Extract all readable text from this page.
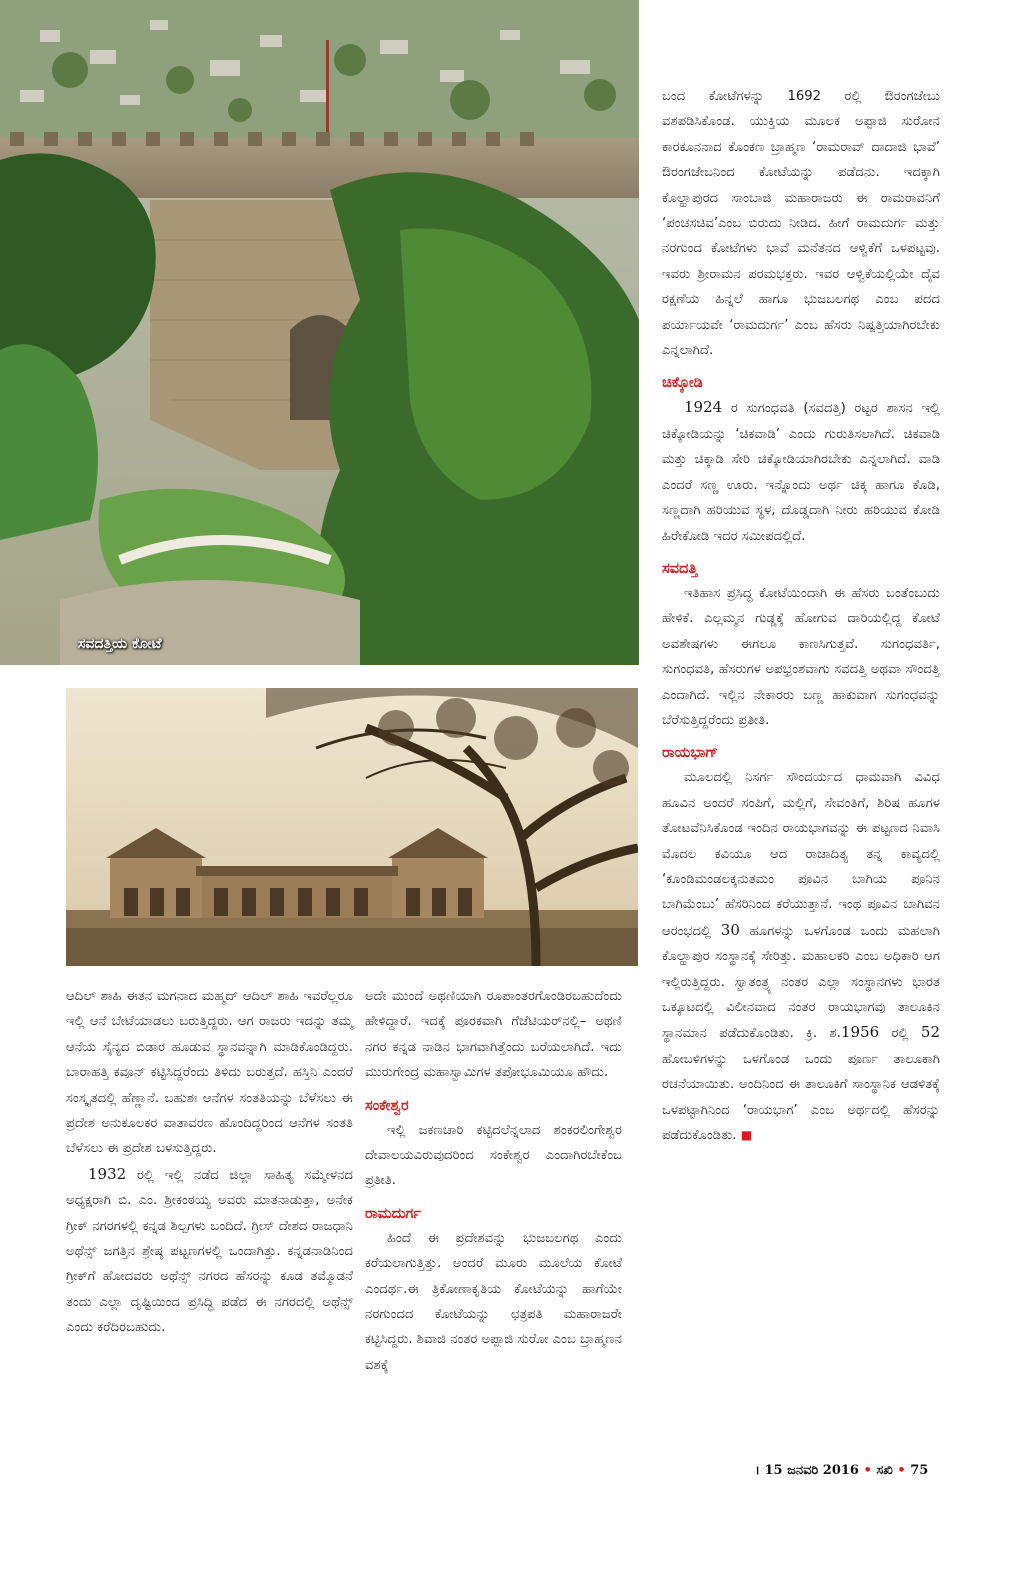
ಸವದತ್ತಿಯ ಕೋಟೆ

ಬಂದ ಕೋಟೆಗಳನ್ನು 1692 ರಲ್ಲಿ ಔರಂಗಜೇಬು ವಶಪಡಿಸಿಕೊಂಡ. ಯುಕ್ತಿಯ ಮೂಲಕ ಅಪ್ಪಾಜಿ ಸುರೋನ ಕಾರಕೂನನಾದ ಕೊಂಕಣ ಬ್ರಾಹ್ಮಣ ‘ರಾಮರಾವ್ ದಾದಾಜಿ ಭಾವೆ’ ಔರಂಗಜೇಬನಿಂದ ಕೋಟೆಯನ್ನು ಪಡೆದನು. ಇದಕ್ಕಾಗಿ ಕೊಲ್ಹಾಪುರದ ಸಾಂಬಾಜಿ ಮಹಾರಾಜರು ಈ ರಾಮರಾವನಿಗೆ ‘ಪಂಚಸಚಿವ’ಎಂಬ ಬಿರುದು ನೀಡಿದ. ಹೀಗೆ ರಾಮದುರ್ಗ ಮತ್ತು ನರಗುಂದ ಕೋಟೆಗಳು ಭಾವೆ ಮನೆತನದ ಆಳ್ವಿಕೆಗೆ ಒಳಪಟ್ಟವು. ಇವರು ಶ್ರೀರಾಮನ ಪರಮಭಕ್ತರು. ಇವರ ಆಳ್ವಿಕೆಯಲ್ಲಿಯೇ ದೈವ ರಕ್ಷಣೆಯ ಹಿನ್ನಲೆ ಹಾಗೂ ಭುಜಬಲಗಥ ಎಂಬ ಪದದ ಪರ್ಯಾಯವೇ ‘ರಾಮದುರ್ಗ’ ಎಂಬ ಹೆಸರು ನಿಷ್ಪತ್ತಿಯಾಗಿರಬೇಕು ಎನ್ನಲಾಗಿದೆ.

ಚಿಕ್ಕೋಡಿ

1924 ರ ಸುಗಂಧವತಿ (ಸವದತ್ತಿ) ರಟ್ಟರ ಶಾಸನ ಇಲ್ಲಿ ಚಿಕ್ಕೋಡಿಯನ್ನು ‘ಚಿಕವಾಡಿ’ ಎಂದು ಗುರುತಿಸಲಾಗಿದೆ. ಚಿಕವಾಡಿ ಮತ್ತು ಚಿಕ್ಕಾಡಿ ಸೇರಿ ಚಿಕ್ಕೋಡಿಯಾಗಿರಬೇಕು ಎನ್ನಲಾಗಿದೆ. ವಾಡಿ ಎಂದರೆ ಸಣ್ಣ ಊರು. ಇನ್ನೊಂದು ಅರ್ಥ ಚಿಕ್ಕ ಹಾಗೂ ಕೊಡಿ, ಸಣ್ಣದಾಗಿ ಹರಿಯುವ ಸ್ಥಳ, ದೊಡ್ಡದಾಗಿ ನೀರು ಹರಿಯುವ ಕೋಡಿ ಹಿರೇಕೋಡಿ ಇದರ ಸಮೀಪದಲ್ಲಿದೆ.

ಸವದತ್ತಿ

ಇತಿಹಾಸ ಪ್ರಸಿದ್ಧ ಕೋಟೆಯಿಂದಾಗಿ ಈ ಹೆಸರು ಬಂತೆಂಬುದು ಹೇಳಿಕೆ. ಎಲ್ಲಮ್ಮನ ಗುಡ್ಡಕ್ಕೆ ಹೋಗುವ ದಾರಿಯಲ್ಲಿದ್ದ ಕೋಟೆ ಅವಶೇಷಗಳು ಈಗಲೂ ಕಾಣಸಿಗುತ್ತವೆ. ಸುಗಂಧವರ್ತಿ, ಸುಗಂಧವತಿ, ಹೆಸರುಗಳ ಅಪಭ್ರಂಶವಾಗು ಸವದತ್ತಿ ಅಥವಾ ಸೌಂದತ್ತಿ ಎಂದಾಗಿದೆ. ಇಲ್ಲಿನ ನೇಕಾರರು ಬಣ್ಣ ಹಾಕುವಾಗ ಸುಗಂಧವನ್ನು ಬೆರೆಸುತ್ತಿದ್ದರೆಂದು ಪ್ರತೀತಿ.

ರಾಯಭಾಗ್

ಮೂಲದಲ್ಲಿ ನಿಸರ್ಗ ಸೌಂದರ್ಯದ ಧಾಮವಾಗಿ ವಿವಿಧ ಹೂವಿನ ಅಂದರೆ ಸಂಪಿಗೆ, ಮಲ್ಲಿಗೆ, ಸೇವಂತಿಗೆ, ಶಿರಿಷ ಹೂಗಳ ತೋಟವೆನಿಸಿಕೊಂಡ ಇಂದಿನ ರಾಯಭಾಗವನ್ನು ಈ ಪಟ್ಟಣದ ನಿವಾಸಿ ಮೊದಲ ಕವಿಯೂ ಆದ ರಾಜಾದಿತ್ಯ ತನ್ನ ಕಾವ್ಯದಲ್ಲಿ ‘ಕೂಂಡಿಮಂಡಲಕ್ಕನುತಮಂ ಪೂವಿನ ಬಾಗಿಯ ಪೂನಿನ ಬಾಗಿಮೆಂಬು’ ಹೆಸರಿನಿಂದ ಕರೆಯುತ್ತಾನೆ. ಇಂಥ ಪೂವಿನ ಬಾಗಿವನ ಆರಂಭದಲ್ಲಿ 30 ಹೂಗಳನ್ನು ಒಳಗೊಂಡ ಒಂದು ಮಹಲಾಗಿ ಕೊಲ್ಹಾಪುರ ಸಂಸ್ಥಾನಕ್ಕೆ ಸೇರಿತ್ತು. ಮಹಾಲಕರಿ ಎಂಬ ಅಧಿಕಾರಿ ಆಗ ಇಲ್ಲಿರುತ್ತಿದ್ದರು. ಸ್ವಾತಂತ್ರ್ಯ ನಂತರ ಎಲ್ಲಾ ಸಂಸ್ಥಾನಗಳು ಭಾರತ ಒಕ್ಕೂಟದಲ್ಲಿ ವಿಲೀನವಾದ ನಂತರ ರಾಯಭಾಗವು ತಾಲೂಕಿನ ಸ್ಥಾನಮಾನ ಪಡೆದುಕೊಂಡಿತು. ಕ್ರಿ. ಶ.1956 ರಲ್ಲಿ 52 ಹೋಬಳಿಗಳನ್ನು ಒಳಗೊಂಡ ಒಂದು ಪೂರ್ಣ ತಾಲೂಕಾಗಿ ರಚನೆಯಾಯಿತು. ಅಂದಿನಿಂದ ಈ ತಾಲೂಕಿಗೆ ಸಾಂಸ್ಥಾನಿಕ ಆಡಳಿತಕ್ಕೆ ಒಳಪಟ್ಟಾಗಿನಿಂದ ‘ರಾಯಭಾಗ’ ಎಂಬ ಅರ್ಥದಲ್ಲಿ ಹೆಸರನ್ನು ಪಡೆದುಕೊಂಡಿತು. ■

ಆದಿಲ್ ಶಾಹಿ ಈತನ ಮಗನಾದ ಮಹ್ಮದ್ ಆದಿಲ್ ಶಾಹಿ ಇವರೆಲ್ಲರೂ ಇಲ್ಲಿ ಆನೆ ಬೇಟೆಯಾಡಲು ಬರುತ್ತಿದ್ದರು. ಆಗ ರಾಜರು ಇದನ್ನು ತಮ್ಮ ಆನೆಯ ಸೈನ್ಯದ ಬಿಡಾರ ಹೂಡುವ ಸ್ಥಾನವನ್ನಾಗಿ ಮಾಡಿಕೊಂಡಿದ್ದರು. ಬಾರಾಹತ್ತಿ ಕವೂನ್ ಕಟ್ಟಿಸಿದ್ದರೆಂದು ತಿಳಿದು ಬರುತ್ತದೆ. ಹಸ್ತಿನಿ ಎಂದರೆ ಸಂಸ್ಕೃತದಲ್ಲಿ ಹೆಣ್ಣಾನೆ. ಬಹುಶಃ ಆನೆಗಳ ಸಂತತಿಯನ್ನು ಬೆಳೆಸಲು ಈ ಪ್ರದೇಶ ಅನುಕೂಲಕರ ವಾತಾವರಣ ಹೊಂದಿದ್ದರಿಂದ ಆನೆಗಳ ಸಂತತಿ ಬೆಳೆಸಲು ಈ ಪ್ರದೇಶ ಬಳಸುತ್ತಿದ್ದರು.

1932 ರಲ್ಲಿ ಇಲ್ಲಿ ನಡೆದ ಜಿಲ್ಲಾ ಸಾಹಿತ್ಯ ಸಮ್ಮೇಳನದ ಅಧ್ಯಕ್ಷರಾಗಿ ಬಿ. ಎಂ. ಶ್ರೀಕಂಠಯ್ಯ ಅವರು ಮಾತನಾಡುತ್ತಾ, ಅನೇಕ ಗ್ರೀಕ್ ನಗರಗಳಲ್ಲಿ ಕನ್ನಡ ಶಿಲ್ಪಗಳು ಬಂದಿದೆ. ಗ್ರೀಸ್ ದೇಶದ ರಾಜಧಾನಿ ಅಥೆನ್ಸ್ ಜಗತ್ತಿನ ಶ್ರೇಷ್ಠ ಪಟ್ಟಣಗಳಲ್ಲಿ ಒಂದಾಗಿತ್ತು. ಕನ್ನಡನಾಡಿನಿಂದ ಗ್ರೀಕ್‌ಗೆ ಹೋದವರು ಅಥೆನ್ಸ್ ನಗರದ ಹೆಸರನ್ನು ಕೂಡ ತಮ್ಮೊಡನೆ ತಂದು ಎಲ್ಲಾ ದೃಷ್ಟಿಯಿಂದ ಪ್ರಸಿದ್ಧಿ ಪಡೆದ ಈ ನಗರದಲ್ಲಿ ಅಥೆನ್ಸ್ ಎಂದು ಕರೆದಿರಬಹುದು.

ಅದೇ ಮುಂದೆ ಅಥಣಿಯಾಗಿ ರೂಪಾಂತರಗೊಂಡಿರಬಹುದೆಂದು ಹೇಳಿದ್ದಾರೆ. ಇದಕ್ಕೆ ಪೂರಕವಾಗಿ ಗೆಜೆಟಿಯರ್‌ನಲ್ಲಿ– ಅಥಣಿ ನಗರ ಕನ್ನಡ ನಾಡಿನ ಭಾಗವಾಗಿತ್ತೆಂದು ಬರೆಯಲಾಗಿದೆ. ಇದು ಮುರುಗೇಂದ್ರ ಮಹಾಸ್ವಾಮಿಗಳ ತಪೋಭೂಮಿಯೂ ಹೌದು.

ಸಂಕೇಶ್ವರ

ಇಲ್ಲಿ ಜಕಣಚಾರಿ ಕಟ್ಟಿದಲೆನ್ನಲಾದ ಶಂಕರಲಿಂಗೇಶ್ವರ ದೇವಾಲಯವಿರುವುದರಿಂದ ಸಂಕೇಶ್ವರ ಎಂದಾಗಿರಬೇಕೆಂಬ ಪ್ರತೀತಿ.

ರಾಮದುರ್ಗ

ಹಿಂದೆ ಈ ಪ್ರದೇಶವನ್ನು ಭುಜಬಲಗಥ ಎಂದು ಕರೆಯಲಾಗುತ್ತಿತ್ತು. ಅಂದರೆ ಮೂರು ಮೂಲೆಯ ಕೋಟೆ ಎಂದರ್ಥ.ಈ ತ್ರಿಕೋಣಾಕೃತಿಯ ಕೋಟೆಯನ್ನು ಹಾಗೆಯೇ ನರಗುಂದದ ಕೋಟೆಯನ್ನು ಛತ್ರಪತಿ ಮಹಾರಾಜರೇ ಕಟ್ಟಿಸಿದ್ದರು. ಶಿವಾಜಿ ನಂತರ ಅಪ್ಪಾಜಿ ಸುರೋ ಎಂಬ ಬ್ರಾಹ್ಮಣನ ವಶಕ್ಕೆ

। 15 ಜನವರಿ 2016 • ಸಖಿ • 75
